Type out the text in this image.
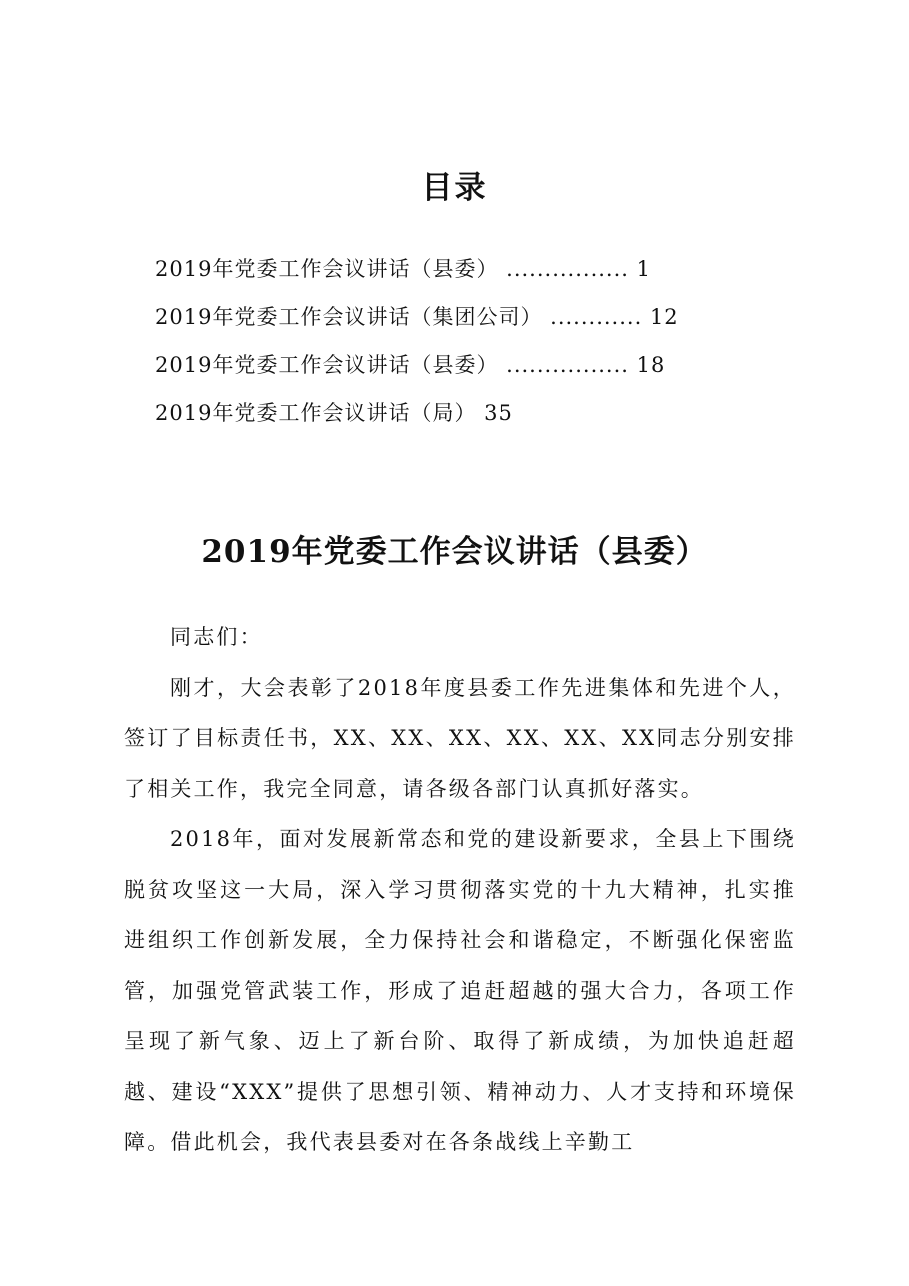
目录
2019年党委工作会议讲话（县委） ................ 1
2019年党委工作会议讲话（集团公司） ............ 12
2019年党委工作会议讲话（县委） ................ 18
2019年党委工作会议讲话（局） 35
2019年党委工作会议讲话（县委）

同志们：

刚才，大会表彰了2018年度县委工作先进集体和先进个人，签订了目标责任书，XX、XX、XX、XX、XX、XX同志分别安排了相关工作，我完全同意，请各级各部门认真抓好落实。

2018年，面对发展新常态和党的建设新要求，全县上下围绕脱贫攻坚这一大局，深入学习贯彻落实党的十九大精神，扎实推进组织工作创新发展，全力保持社会和谐稳定，不断强化保密监管，加强党管武装工作，形成了追赶超越的强大合力，各项工作呈现了新气象、迈上了新台阶、取得了新成绩，为加快追赶超越、建设“XXX”提供了思想引领、精神动力、人才支持和环境保障。借此机会，我代表县委对在各条战线上辛勤工
